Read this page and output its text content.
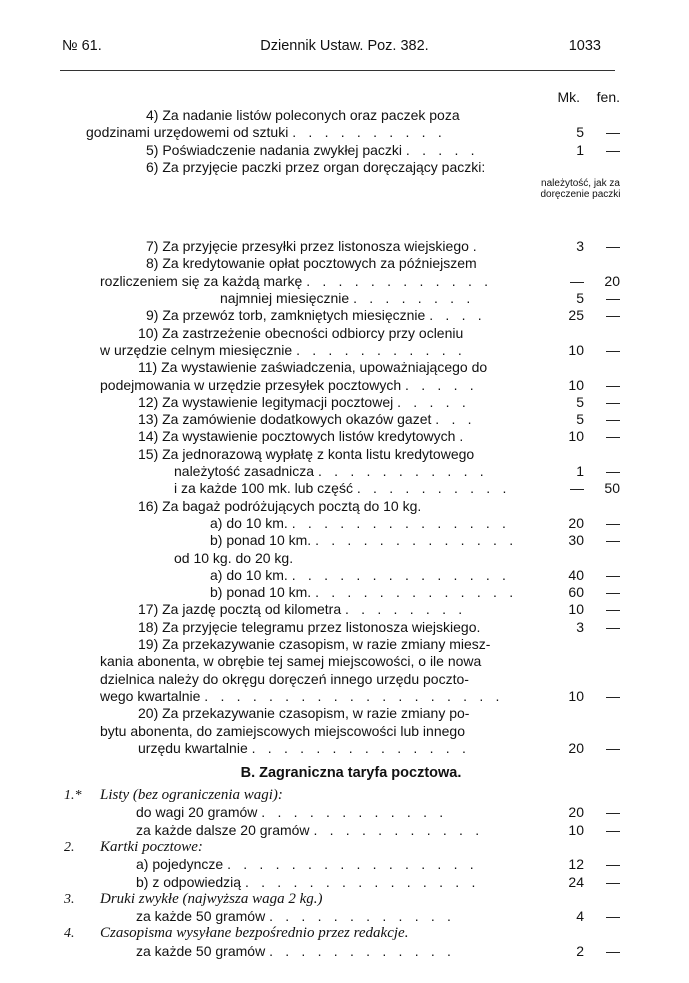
№ 61.	Dziennik Ustaw. Poz. 382.	1033
Mk.	fen.
4) Za nadanie listów poleconych oraz paczek poza
godzinami urzędowemi od sztuki . . . . . . . . . .	5	—
5) Poświadczenie nadania zwykłej paczki . . . . .	1	—
6) Za przyjęcie paczki przez organ doręczający paczki:
należytość, jak za doręczenie paczki
7) Za przyjęcie przesyłki przez listonosza wiejskiego .	3	—
8) Za kredytowanie opłat pocztowych za późniejszem
rozliczeniem się za każdą markę . . . . . . . . . . . .	—	20
najmniej miesięcznie . . . . . . . .	5	—
9) Za przewóz torb, zamkniętych miesięcznie . . . .	25	—
10) Za zastrzeżenie obecności odbiorcy przy ocleniu
w urzędzie celnym miesięcznie . . . . . . . . . . .	10	—
11) Za wystawienie zaświadczenia, upoważniającego do
podejmowania w urzędzie przesyłek pocztowych . . . . .	10	—
12) Za wystawienie legitymacji pocztowej . . . . .	5	—
13) Za zamówienie dodatkowych okazów gazet . . .	5	—
14) Za wystawienie pocztowych listów kredytowych .	10	—
15) Za jednorazową wypłatę z konta listu kredytowego
należytość zasadnicza . . . . . . . . . . .	1	—
i za każde 100 mk. lub część . . . . . . . . . .	—	50
16) Za bagaż podróżujących pocztą do 10 kg.
a) do 10 km. . . . . . . . . . . . . . .	20	—
b) ponad 10 km. . . . . . . . . . . . . .	30	—
od 10 kg. do 20 kg.
a) do 10 km. . . . . . . . . . . . . . .	40	—
b) ponad 10 km. . . . . . . . . . . . . .	60	—
17) Za jazdę pocztą od kilometra . . . . . . . .	10	—
18) Za przyjęcie telegramu przez listonosza wiejskiego.	3	—
19) Za przekazywanie czasopism, w razie zmiany miesz-
kania abonenta, w obrębie tej samej miejscowości, o ile nowa
dzielnica należy do okręgu doręczeń innego urzędu poczto-
wego kwartalnie . . . . . . . . . . . . . . . . . . .	10	—
20) Za przekazywanie czasopism, w razie zmiany po-
bytu abonenta, do zamiejscowych miejscowości lub innego
urzędu kwartalnie . . . . . . . . . . . . . .	20	—
B. Zagraniczna taryfa pocztowa.
1.* Listy (bez ograniczenia wagi):
do wagi 20 gramów . . . . . . . . . . . .	20	—
za każde dalsze 20 gramów . . . . . . . . . . .	10	—
2. Kartki pocztowe:
a) pojedyncze . . . . . . . . . . . . . . . .	12	—
b) z odpowiedzią . . . . . . . . . . . . . . .	24	—
3. Druki zwykłe (najwyższa waga 2 kg.)
za każde 50 gramów . . . . . . . . . . . .	4	—
4. Czasopisma wysyłane bezpośrednio przez redakcje.
za każde 50 gramów . . . . . . . . . . . .	2	—
